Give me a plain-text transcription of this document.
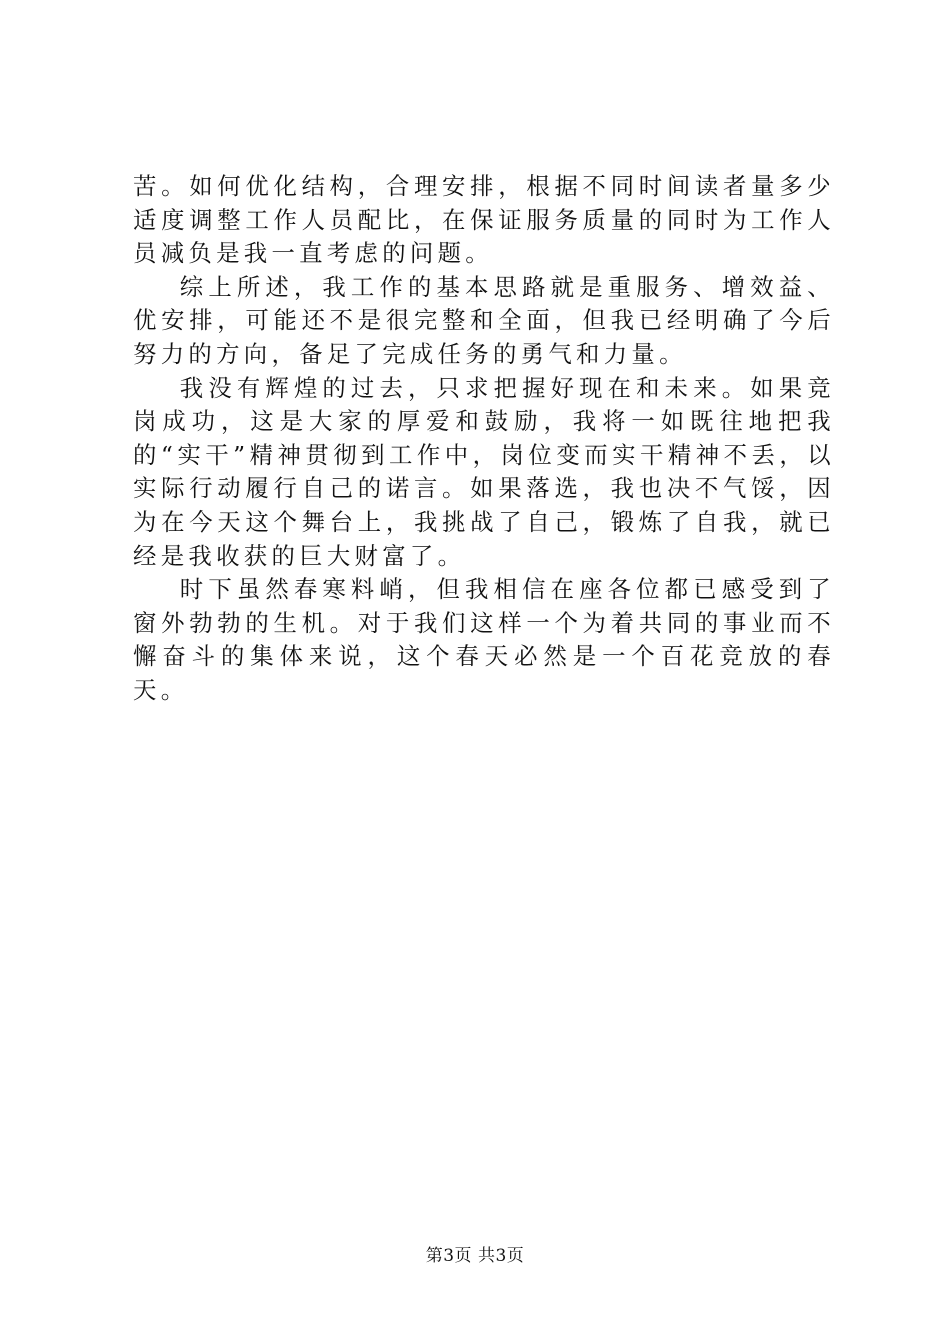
苦。如何优化结构，合理安排，根据不同时间读者量多少适度调整工作人员配比，在保证服务质量的同时为工作人员减负是我一直考虑的问题。

综上所述，我工作的基本思路就是重服务、增效益、优安排，可能还不是很完整和全面，但我已经明确了今后努力的方向，备足了完成任务的勇气和力量。

我没有辉煌的过去，只求把握好现在和未来。如果竞岗成功，这是大家的厚爱和鼓励，我将一如既往地把我的“实干”精神贯彻到工作中，岗位变而实干精神不丢，以实际行动履行自己的诺言。如果落选，我也决不气馁，因为在今天这个舞台上，我挑战了自己，锻炼了自我，就已经是我收获的巨大财富了。

时下虽然春寒料峭，但我相信在座各位都已感受到了窗外勃勃的生机。对于我们这样一个为着共同的事业而不懈奋斗的集体来说，这个春天必然是一个百花竞放的春天。

第3页 共3页
